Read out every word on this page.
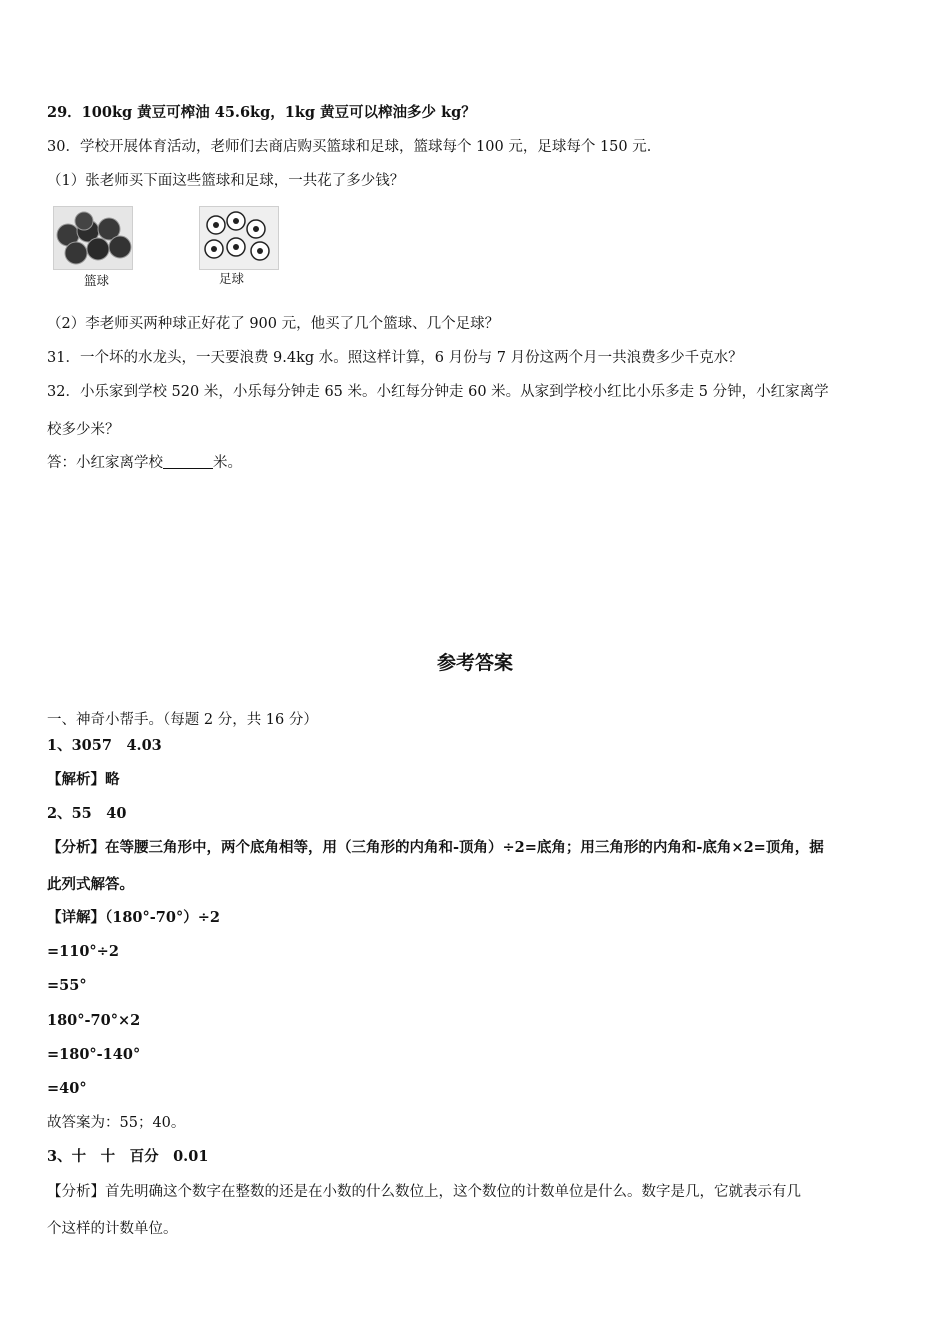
29．100kg 黄豆可榨油 45.6kg，1kg 黄豆可以榨油多少 kg？
30．学校开展体育活动，老师们去商店购买篮球和足球，篮球每个 100 元，足球每个 150 元．
（1）张老师买下面这些篮球和足球，一共花了多少钱？
篮球	足球
（2）李老师买两种球正好花了 900 元，他买了几个篮球、几个足球？
31．一个坏的水龙头，一天要浪费 9.4kg 水。照这样计算，6 月份与 7 月份这两个月一共浪费多少千克水？
32．小乐家到学校 520 米，小乐每分钟走 65 米。小红每分钟走 60 米。从家到学校小红比小乐多走 5 分钟，小红家离学
校多少米？
答：小红家离学校	米。
参考答案
一、神奇小帮手。（每题 2 分，共 16 分）
1、3057　4.03
【解析】略
2、55　40
【分析】在等腰三角形中，两个底角相等，用（三角形的内角和-顶角）÷2=底角；用三角形的内角和-底角×2=顶角，据
此列式解答。
【详解】（180°-70°）÷2
=110°÷2
=55°
180°-70°×2
=180°-140°
=40°
故答案为：55；40。
3、十　十　百分　0.01
【分析】首先明确这个数字在整数的还是在小数的什么数位上，这个数位的计数单位是什么。数字是几，它就表示有几
个这样的计数单位。
